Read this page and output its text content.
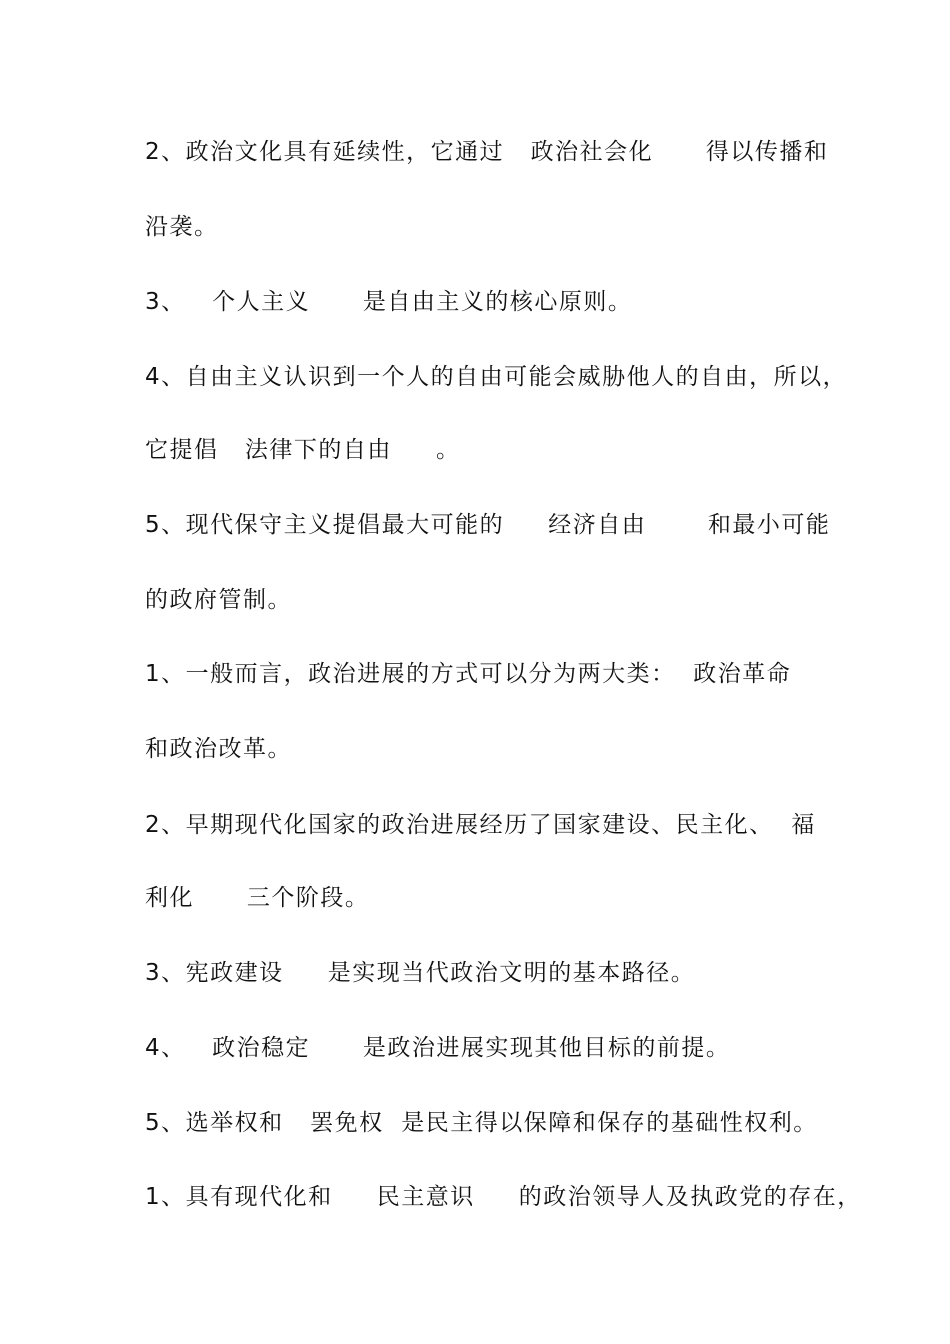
2、政治文化具有延续性，它通过   政治社会化      得以传播和
沿袭。
3、   个人主义      是自由主义的核心原则。
4、自由主义认识到一个人的自由可能会威胁他人的自由，所以，
它提倡   法律下的自由     。
5、现代保守主义提倡最大可能的     经济自由       和最小可能
的政府管制。
1、一般而言，政治进展的方式可以分为两大类：  政治革命
和政治改革。
2、早期现代化国家的政治进展经历了国家建设、民主化、  福
利化      三个阶段。
3、宪政建设     是实现当代政治文明的基本路径。
4、   政治稳定      是政治进展实现其他目标的前提。
5、选举权和   罢免权  是民主得以保障和保存的基础性权利。
1、具有现代化和     民主意识     的政治领导人及执政党的存在，
